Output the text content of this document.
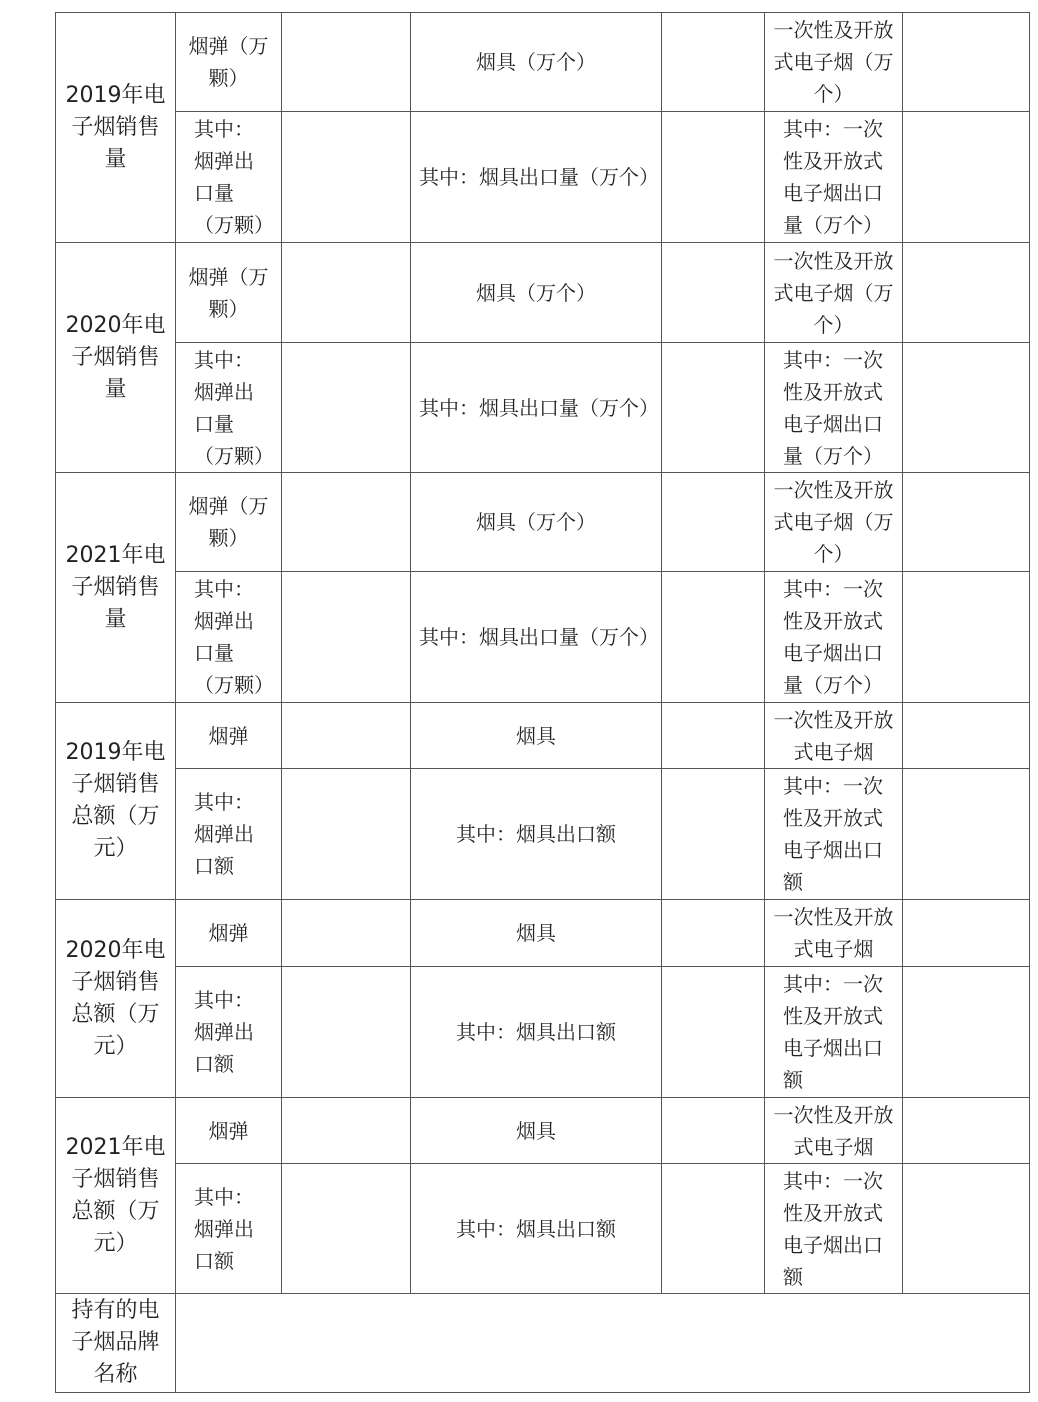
2019年电子烟销售量	烟弹（万颗）		烟具（万个）		一次性及开放式电子烟（万个）	
	其中：烟弹出口量（万颗）		其中：烟具出口量（万个）		其中：一次性及开放式电子烟出口量（万个）	
2020年电子烟销售量	烟弹（万颗）		烟具（万个）		一次性及开放式电子烟（万个）	
	其中：烟弹出口量（万颗）		其中：烟具出口量（万个）		其中：一次性及开放式电子烟出口量（万个）	
2021年电子烟销售量	烟弹（万颗）		烟具（万个）		一次性及开放式电子烟（万个）	
	其中：烟弹出口量（万颗）		其中：烟具出口量（万个）		其中：一次性及开放式电子烟出口量（万个）	
2019年电子烟销售总额（万元）	烟弹		烟具		一次性及开放式电子烟	
	其中：烟弹出口额		其中：烟具出口额		其中：一次性及开放式电子烟出口额	
2020年电子烟销售总额（万元）	烟弹		烟具		一次性及开放式电子烟	
	其中：烟弹出口额		其中：烟具出口额		其中：一次性及开放式电子烟出口额	
2021年电子烟销售总额（万元）	烟弹		烟具		一次性及开放式电子烟	
	其中：烟弹出口额		其中：烟具出口额		其中：一次性及开放式电子烟出口额	
持有的电子烟品牌名称						
